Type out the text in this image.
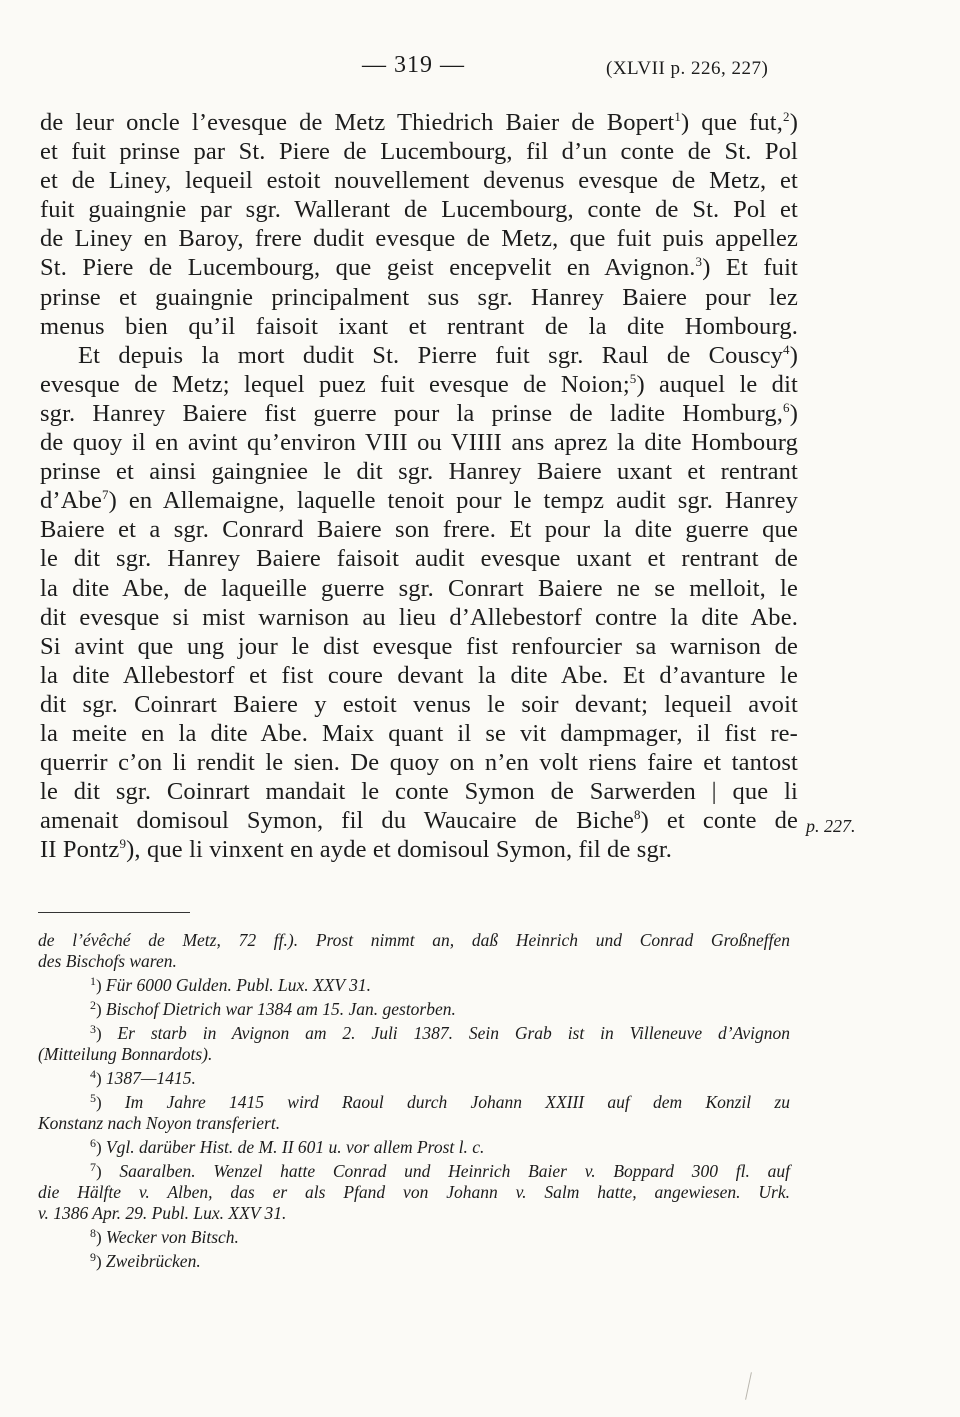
— 319 —	(XLVII p. 226, 227)
de leur oncle l’evesque de Metz Thiedrich Baier de Bopert$^1$) que fut,$^2$)
et fuit prinse par St. Piere de Lucembourg, fil d’un conte de St. Pol
et de Liney, lequeil estoit nouvellement devenus evesque de Metz, et
fuit guaingnie par sgr. Wallerant de Lucembourg, conte de St. Pol et
de Liney en Baroy, frere dudit evesque de Metz, que fuit puis appellez
St. Piere de Lucembourg, que geist encepvelit en Avignon.$^3$) Et fuit
prinse et guaingnie principalment sus sgr. Hanrey Baiere pour lez
menus bien qu’il faisoit ixant et rentrant de la dite Hombourg.
Et depuis la mort dudit St. Pierre fuit sgr. Raul de Couscy$^4$)
evesque de Metz; lequel puez fuit evesque de Noion;$^5$) auquel le dit
sgr. Hanrey Baiere fist guerre pour la prinse de ladite Homburg,$^6$)
de quoy il en avint qu’environ VIII ou VIIII ans aprez la dite Hombourg
prinse et ainsi gaingniee le dit sgr. Hanrey Baiere uxant et rentrant
d’Abe$^7$) en Allemaigne, laquelle tenoit pour le tempz audit sgr. Hanrey
Baiere et a sgr. Conrard Baiere son frere. Et pour la dite guerre que
le dit sgr. Hanrey Baiere faisoit audit evesque uxant et rentrant de
la dite Abe, de laqueille guerre sgr. Conrart Baiere ne se melloit, le
dit evesque si mist warnison au lieu d’Allebestorf contre la dite Abe.
Si avint que ung jour le dist evesque fist renfourcier sa warnison de
la dite Allebestorf et fist coure devant la dite Abe. Et d’avanture le
dit sgr. Coinrart Baiere y estoit venus le soir devant; lequeil avoit
la meite en la dite Abe. Maix quant il se vit dampmager, il fist re-
querrir c’on li rendit le sien. De quoy on n’en volt riens faire et tantost
le dit sgr. Coinrart mandait le conte Symon de Sarwerden | que li
amenait domisoul Symon, fil du Waucaire de Biche$^8$) et conte de
II Pontz$^9$), que li vinxent en ayde et domisoul Symon, fil de sgr.
p. 227.
de l’évêché de Metz, 72 ff.). Prost nimmt an, daß Heinrich und Conrad Großneffen
des Bischofs waren.
$^1$) Für 6000 Gulden. Publ. Lux. XXV 31.
$^2$) Bischof Dietrich war 1384 am 15. Jan. gestorben.
$^3$) Er starb in Avignon am 2. Juli 1387. Sein Grab ist in Villeneuve d’Avignon
(Mitteilung Bonnardots).
$^4$) 1387—1415.
$^5$) Im Jahre 1415 wird Raoul durch Johann XXIII auf dem Konzil zu
Konstanz nach Noyon transferiert.
$^6$) Vgl. darüber Hist. de M. II 601 u. vor allem Prost l. c.
$^7$) Saaralben. Wenzel hatte Conrad und Heinrich Baier v. Boppard 300 fl. auf
die Hälfte v. Alben, das er als Pfand von Johann v. Salm hatte, angewiesen. Urk.
v. 1386 Apr. 29. Publ. Lux. XXV 31.
$^8$) Wecker von Bitsch.
$^9$) Zweibrücken.
